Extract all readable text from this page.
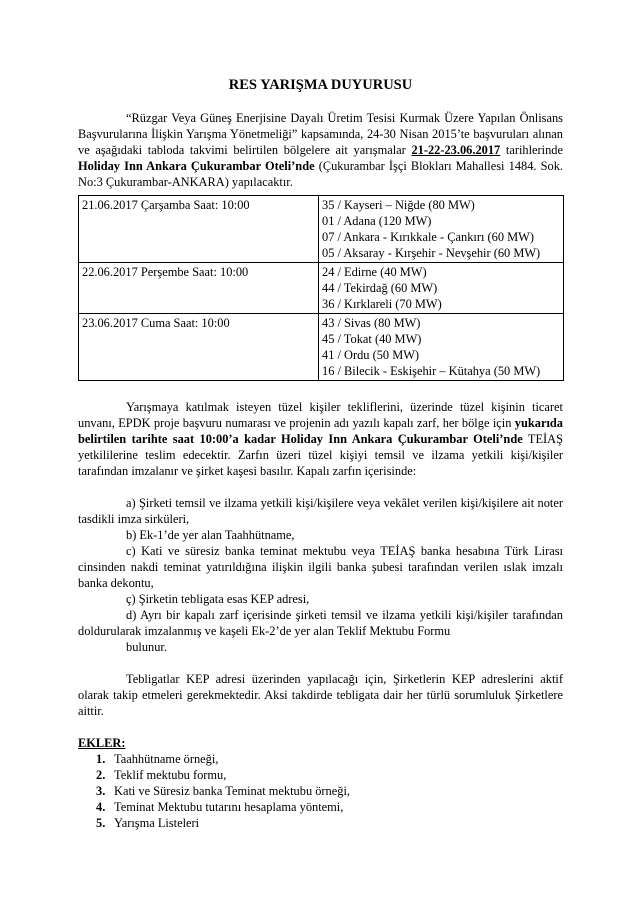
RES YARIŞMA DUYURUSU

“Rüzgar Veya Güneş Enerjisine Dayalı Üretim Tesisi Kurmak Üzere Yapılan Önlisans Başvurularına İlişkin Yarışma Yönetmeliği” kapsamında, 24-30 Nisan 2015’te başvuruları alınan ve aşağıdaki tabloda takvimi belirtilen bölgelere ait yarışmalar 21-22-23.06.2017 tarihlerinde Holiday Inn Ankara Çukurambar Oteli’nde (Çukurambar İşçi Blokları Mahallesi 1484. Sok. No:3 Çukurambar-ANKARA) yapılacaktır.

21.06.2017 Çarşamba Saat: 10:00	35 / Kayseri – Niğde (80 MW)
01 / Adana (120 MW)
07 / Ankara - Kırıkkale - Çankırı (60 MW)
05 / Aksaray - Kırşehir - Nevşehir (60 MW)

22.06.2017 Perşembe Saat: 10:00	24 / Edirne (40 MW)
44 / Tekirdağ (60 MW)
36 / Kırklareli (70 MW)

23.06.2017 Cuma Saat: 10:00	43 / Sivas (80 MW)
45 / Tokat (40 MW)
41 / Ordu (50 MW)
16 / Bilecik - Eskişehir – Kütahya (50 MW)

Yarışmaya katılmak isteyen tüzel kişiler tekliflerini, üzerinde tüzel kişinin ticaret unvanı, EPDK proje başvuru numarası ve projenin adı yazılı kapalı zarf, her bölge için yukarıda belirtilen tarihte saat 10:00’a kadar Holiday Inn Ankara Çukurambar Oteli’nde TEİAŞ yetkililerine teslim edecektir. Zarfın üzeri tüzel kişiyi temsil ve ilzama yetkili kişi/kişiler tarafından imzalanır ve şirket kaşesi basılır. Kapalı zarfın içerisinde:

a) Şirketi temsil ve ilzama yetkili kişi/kişilere veya vekâlet verilen kişi/kişilere ait noter tasdikli imza sirküleri,

b) Ek-1’de yer alan Taahhütname,

c) Kati ve süresiz banka teminat mektubu veya TEİAŞ banka hesabına Türk Lirası cinsinden nakdi teminat yatırıldığına ilişkin ilgili banka şubesi tarafından verilen ıslak imzalı banka dekontu,

ç) Şirketin tebligata esas KEP adresi,

d) Ayrı bir kapalı zarf içerisinde şirketi temsil ve ilzama yetkili kişi/kişiler tarafından doldurularak imzalanmış ve kaşeli Ek-2’de yer alan Teklif Mektubu Formu

bulunur.

Tebligatlar KEP adresi üzerinden yapılacağı için, Şirketlerin KEP adreslerini aktif olarak takip etmeleri gerekmektedir. Aksi takdirde tebligata dair her türlü sorumluluk Şirketlere aittir.

EKLER:

1. Taahhütname örneği,
2. Teklif mektubu formu,
3. Kati ve Süresiz banka Teminat mektubu örneği,
4. Teminat Mektubu tutarını hesaplama yöntemi,
5. Yarışma Listeleri
